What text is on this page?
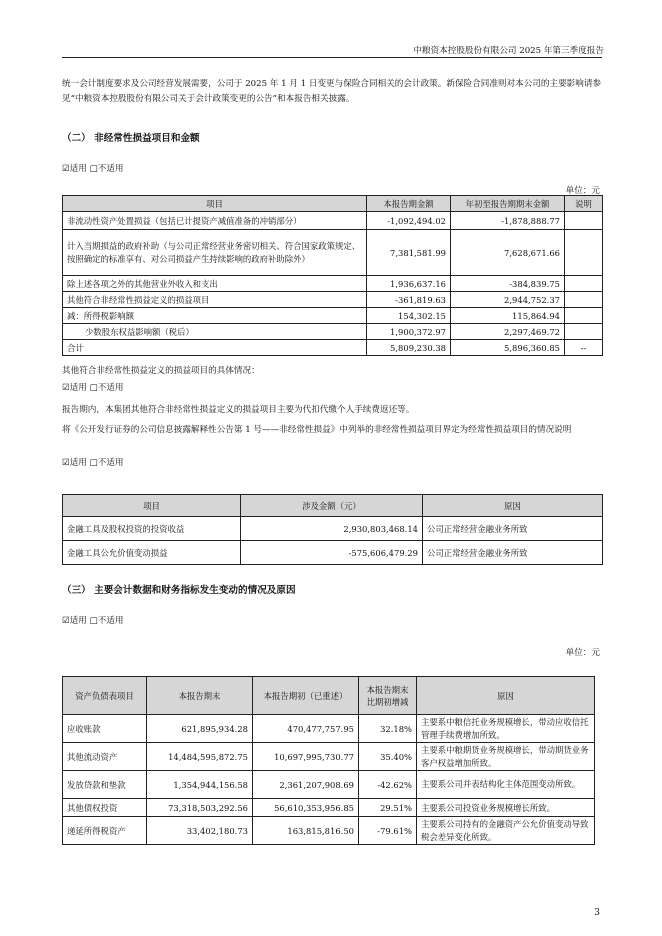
中粮资本控股股份有限公司 2025 年第三季度报告
统一会计制度要求及公司经营发展需要，公司于 2025 年 1 月 1 日变更与保险合同相关的会计政策。新保险合同准则对本公司的主要影响请参见“中粮资本控股股份有限公司关于会计政策变更的公告”和本报告相关披露。
（二） 非经常性损益项目和金额
☑适用 □不适用
单位：元
项目	本报告期金额	年初至报告期期末金额	说明
非流动性资产处置损益（包括已计提资产减值准备的冲销部分）	-1,092,494.02	-1,878,888.77	
计入当期损益的政府补助（与公司正常经营业务密切相关、符合国家政策规定、按照确定的标准享有、对公司损益产生持续影响的政府补助除外）	7,381,581.99	7,628,671.66	
除上述各项之外的其他营业外收入和支出	1,936,637.16	-384,839.75	
其他符合非经常性损益定义的损益项目	-361,819.63	2,944,752.37	
减：所得税影响额	154,302.15	115,864.94	
少数股东权益影响额（税后）	1,900,372.97	2,297,469.72	
合计	5,809,230.38	5,896,360.85	--
其他符合非经常性损益定义的损益项目的具体情况：
☑适用 □不适用
报告期内，本集团其他符合非经常性损益定义的损益项目主要为代扣代缴个人手续费返还等。
将《公开发行证券的公司信息披露解释性公告第 1 号——非经常性损益》中列举的非经常性损益项目界定为经常性损益项目的情况说明
☑适用 □不适用
项目	涉及金额（元）	原因
金融工具及股权投资的投资收益	2,930,803,468.14	公司正常经营金融业务所致
金融工具公允价值变动损益	-575,606,479.29	公司正常经营金融业务所致
（三） 主要会计数据和财务指标发生变动的情况及原因
☑适用 □不适用
单位：元
资产负债表项目	本报告期末	本报告期初（已重述）	本报告期末比期初增减	原因
应收账款	621,895,934.28	470,477,757.95	32.18%	主要系中粮信托业务规模增长，带动应收信托管理手续费增加所致。
其他流动资产	14,484,595,872.75	10,697,995,730.77	35.40%	主要系中粮期货业务规模增长，带动期货业务客户权益增加所致。
发放贷款和垫款	1,354,944,156.58	2,361,207,908.69	-42.62%	主要系公司并表结构化主体范围变动所致。
其他债权投资	73,318,503,292.56	56,610,353,956.85	29.51%	主要系公司投资业务规模增长所致。
递延所得税资产	33,402,180.73	163,815,816.50	-79.61%	主要系公司持有的金融资产公允价值变动导致税会差异变化所致。
3
